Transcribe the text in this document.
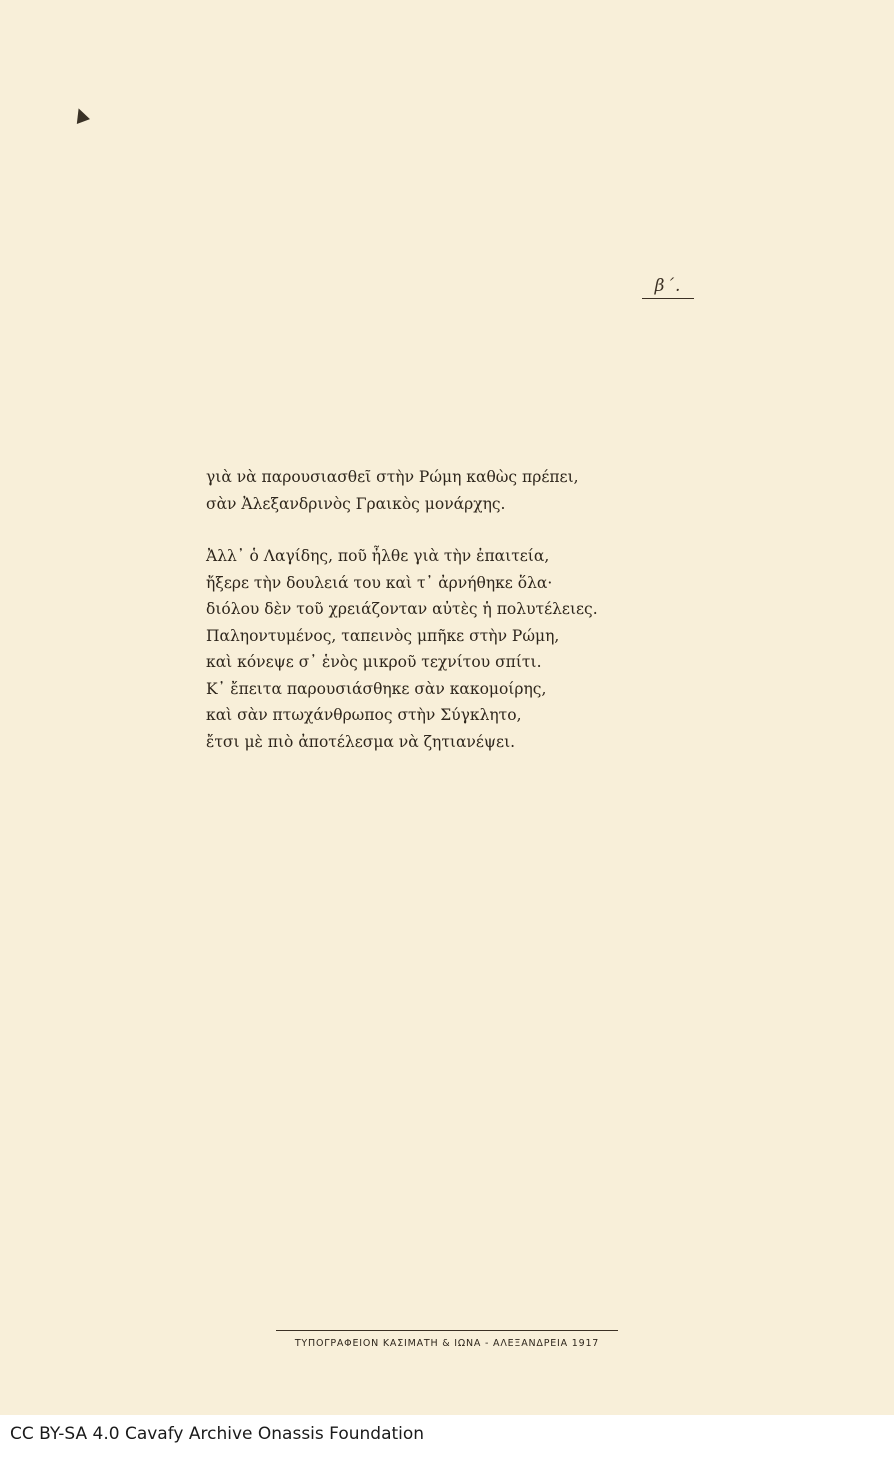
β΄.
γιὰ νὰ παρουσιασθεῖ στὴν Ρώμη καθὼς πρέπει,
σὰν Ἀλεξανδρινὸς Γραικὸς μονάρχης.
Ἀλλ᾿ ὁ Λαγίδης, ποῦ ἦλθε γιὰ τὴν ἐπαιτεία,
ἤξερε τὴν δουλειά του καὶ τ᾿ ἀρνήθηκε ὅλα·
διόλου δὲν τοῦ χρειάζονταν αὐτὲς ἡ πολυτέλειες.
Παληοντυμένος, ταπεινὸς μπῆκε στὴν Ρώμη,
καὶ κόνεψε σ᾿ ἑνὸς μικροῦ τεχνίτου σπίτι.
Κ᾿ ἔπειτα παρουσιάσθηκε σὰν κακομοίρης,
καὶ σὰν πτωχάνθρωπος στὴν Σύγκλητο,
ἔτσι μὲ πιὸ ἀποτέλεσμα νὰ ζητιανέψει.
ΤΥΠΟΓΡΑΦΕΙΟΝ ΚΑΣΙΜΑΤΗ & ΙΩΝΑ - ΑΛΕΞΑΝΔΡΕΙΑ 1917
CC BY-SA 4.0 Cavafy Archive Onassis Foundation
